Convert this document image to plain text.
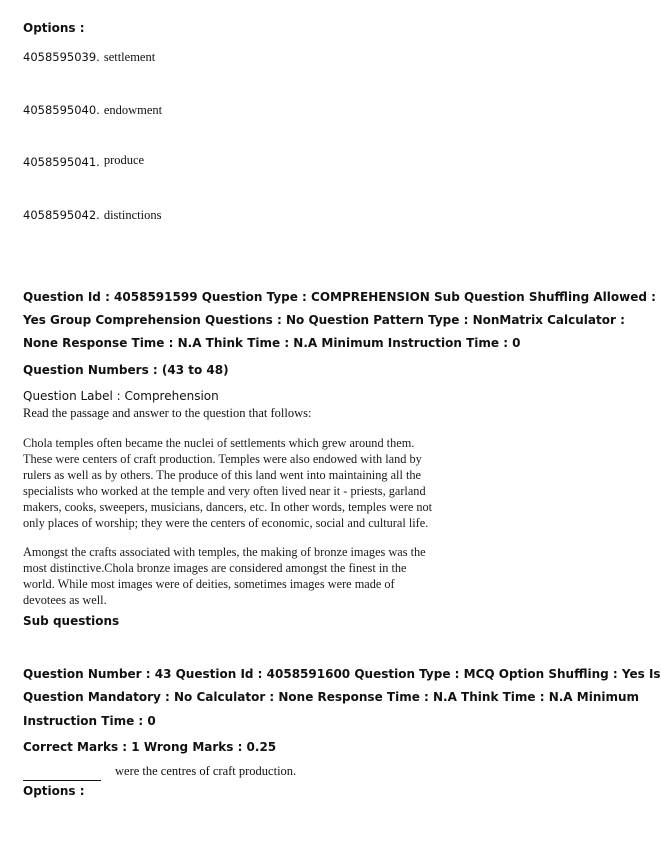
Options :
4058595039. settlement
4058595040. endowment
4058595041. produce
4058595042. distinctions
Question Id : 4058591599 Question Type : COMPREHENSION Sub Question Shuffling Allowed :
Yes Group Comprehension Questions : No Question Pattern Type : NonMatrix Calculator :
None Response Time : N.A Think Time : N.A Minimum Instruction Time : 0
Question Numbers : (43 to 48)
Question Label : Comprehension
Read the passage and answer to the question that follows:
Chola temples often became the nuclei of settlements which grew around them.
These were centers of craft production. Temples were also endowed with land by
rulers as well as by others. The produce of this land went into maintaining all the
specialists who worked at the temple and very often lived near it - priests, garland
makers, cooks, sweepers, musicians, dancers, etc. In other words, temples were not
only places of worship; they were the centers of economic, social and cultural life.
Amongst the crafts associated with temples, the making of bronze images was the
most distinctive.Chola bronze images are considered amongst the finest in the
world. While most images were of deities, sometimes images were made of
devotees as well.
Sub questions
Question Number : 43 Question Id : 4058591600 Question Type : MCQ Option Shuffling : Yes Is
Question Mandatory : No Calculator : None Response Time : N.A Think Time : N.A Minimum
Instruction Time : 0
Correct Marks : 1 Wrong Marks : 0.25
were the centres of craft production.
Options :
